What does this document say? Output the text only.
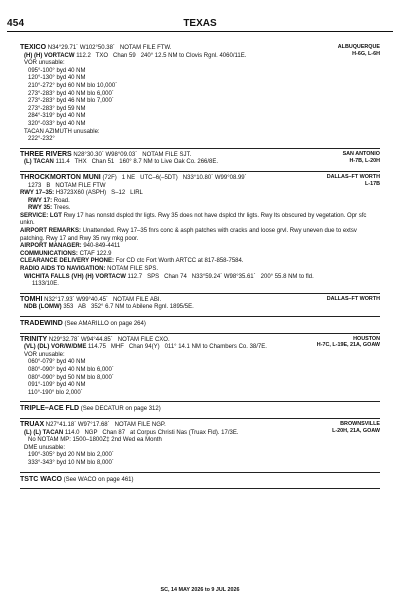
454	TEXAS
ALBUQUERQUE
H-6G, L-6H
TEXICO N34°29.71´ W102°50.38´   NOTAM FILE FTW.
(H) (H) VORTACW 112.2   TXO   Chan 59   240° 12.5 NM to Clovis Rgnl. 4060/11E.
VOR unusable:
095°-100° byd 40 NM
120°-130° byd 40 NM
210°-272° byd 60 NM blo 10,000´
273°-283° byd 40 NM blo 6,000´
273°-283° byd 46 NM blo 7,000´
273°-283° byd 59 NM
284°-319° byd 40 NM
320°-033° byd 40 NM
TACAN AZIMUTH unusable:
222°-232°
SAN ANTONIO
H-7B, L-20H
THREE RIVERS N28°30.30´ W98°09.03´   NOTAM FILE SJT.
(L) TACAN 111.4   THX   Chan 51   160° 8.7 NM to Live Oak Co. 266/8E.
DALLAS–FT WORTH
L-17B
THROCKMORTON MUNI (72F)   1 NE   UTC–6(–5DT)   N33°10.80´ W99°08.99´
1273   B   NOTAM FILE FTW
RWY 17–35: H3723X60 (ASPH)   S–12   LIRL
RWY 17: Road.
RWY 35: Trees.
SERVICE: LGT Rwy 17 has nonstd dsplcd thr ligts. Rwy 35 does not have dsplcd thr ligts. Rwy lts obscured by vegetation. Opr sfc unkn.
AIRPORT REMARKS: Unattended. Rwy 17–35 fnrs conc & asph patches with cracks and loose grvl. Rwy uneven due to extsv patching. Rwy 17 and Rwy 35 rwy mkg poor.
AIRPORT MANAGER: 940-849-4411
COMMUNICATIONS: CTAF 122.9
CLEARANCE DELIVERY PHONE: For CD ctc Fort Worth ARTCC at 817-858-7584.
RADIO AIDS TO NAVIGATION: NOTAM FILE SPS.
WICHITA FALLS (VH) (H) VORTACW 112.7   SPS   Chan 74   N33°59.24´ W98°35.61´   200° 55.8 NM to fld.
1133/10E.
DALLAS–FT WORTH
TOMHI N32°17.93´ W99°40.45´   NOTAM FILE ABI.
NDB (LOMW) 353   AB   352° 6.7 NM to Abilene Rgnl. 1895/5E.
TRADEWIND (See AMARILLO on page 264)
HOUSTON
H-7C, L-19E, 21A, GOAW
TRINITY N29°32.78´ W94°44.85´   NOTAM FILE CXO.
(VL) (DL) VOR/W/DME 114.75   MHF   Chan 94(Y)   011° 14.1 NM to Chambers Co. 38/7E.
VOR unusable:
060°-079° byd 40 NM
080°-090° byd 40 NM blo 6,000´
080°-090° byd 50 NM blo 8,000´
091°-109° byd 40 NM
110°-190° blo 2,000´
TRIPLE–ACE FLD (See DECATUR on page 312)
BROWNSVILLE
L-20H, 21A, GOAW
TRUAX N27°41.18´ W97°17.68´   NOTAM FILE NGP.
(L) (L) TACAN 114.0   NGP   Chan 87   at Corpus Christi Nas (Truax Fld). 17/3E.
No NOTAM MP: 1500–1800Z‡ 2nd Wed ea Month
DME unusable:
190°-305° byd 20 NM blo 2,000´
333°-343° byd 10 NM blo 8,000´
TSTC WACO (See WACO on page 461)
SC, 14 MAY 2026 to 9 JUL 2026
